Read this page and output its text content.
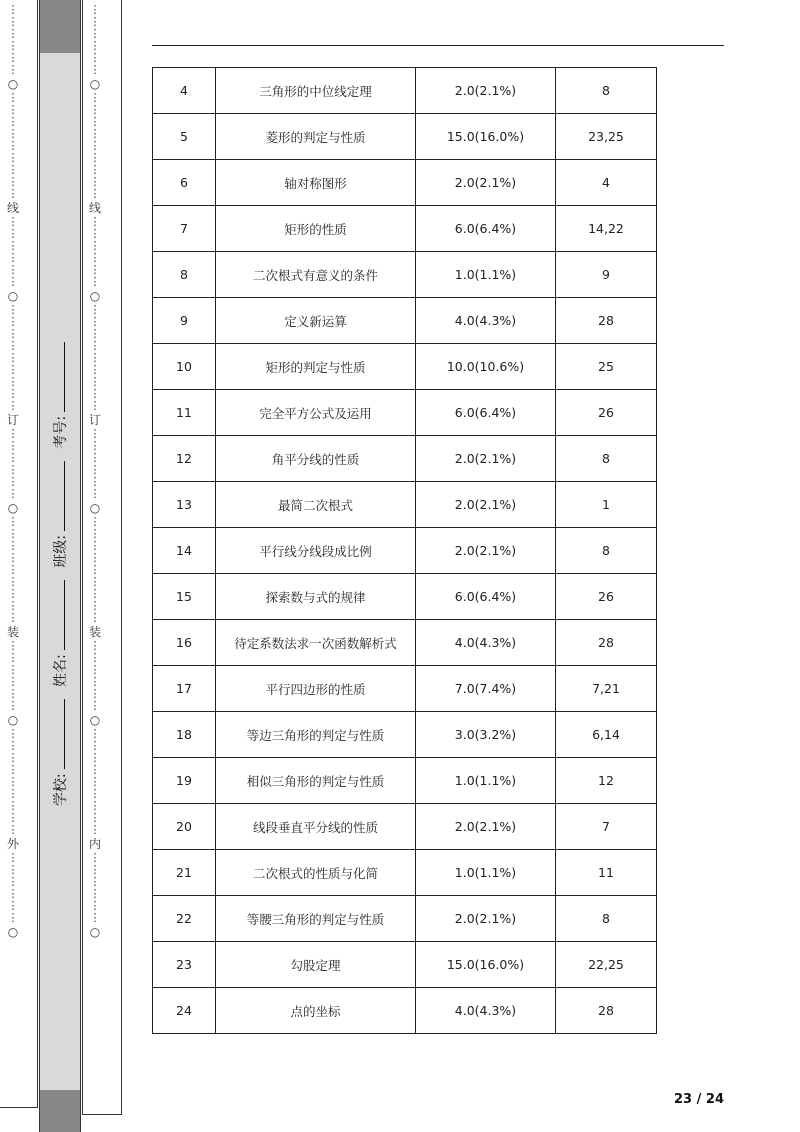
⋮
⋮
⋮
⋮
⋮
⋮
○
⋮
⋮
⋮
⋮
⋮
⋮
⋮
⋮
⋮
线
⋮
⋮
⋮
⋮
⋮
⋮
○
⋮
⋮
⋮
⋮
⋮
⋮
⋮
⋮
⋮
订
⋮
⋮
⋮
⋮
⋮
⋮
○
⋮
⋮
⋮
⋮
⋮
⋮
⋮
⋮
⋮
装
⋮
⋮
⋮
⋮
⋮
⋮
○
⋮
⋮
⋮
⋮
⋮
⋮
⋮
⋮
⋮
外
⋮
⋮
⋮
⋮
⋮
⋮
○
⋮
⋮
⋮
⋮
⋮
⋮
○
⋮
⋮
⋮
⋮
⋮
⋮
⋮
⋮
⋮
线
⋮
⋮
⋮
⋮
⋮
⋮
○
⋮
⋮
⋮
⋮
⋮
⋮
⋮
⋮
⋮
订
⋮
⋮
⋮
⋮
⋮
⋮
○
⋮
⋮
⋮
⋮
⋮
⋮
⋮
⋮
⋮
装
⋮
⋮
⋮
⋮
⋮
⋮
○
⋮
⋮
⋮
⋮
⋮
⋮
⋮
⋮
⋮
内
⋮
⋮
⋮
⋮
⋮
⋮
○
学校: 姓名: 班级: 考号:
4	三角形的中位线定理	2.0(2.1%)	8
5	菱形的判定与性质	15.0(16.0%)	23,25
6	轴对称图形	2.0(2.1%)	4
7	矩形的性质	6.0(6.4%)	14,22
8	二次根式有意义的条件	1.0(1.1%)	9
9	定义新运算	4.0(4.3%)	28
10	矩形的判定与性质	10.0(10.6%)	25
11	完全平方公式及运用	6.0(6.4%)	26
12	角平分线的性质	2.0(2.1%)	8
13	最简二次根式	2.0(2.1%)	1
14	平行线分线段成比例	2.0(2.1%)	8
15	探索数与式的规律	6.0(6.4%)	26
16	待定系数法求一次函数解析式	4.0(4.3%)	28
17	平行四边形的性质	7.0(7.4%)	7,21
18	等边三角形的判定与性质	3.0(3.2%)	6,14
19	相似三角形的判定与性质	1.0(1.1%)	12
20	线段垂直平分线的性质	2.0(2.1%)	7
21	二次根式的性质与化简	1.0(1.1%)	11
22	等腰三角形的判定与性质	2.0(2.1%)	8
23	勾股定理	15.0(16.0%)	22,25
24	点的坐标	4.0(4.3%)	28
23 / 24
